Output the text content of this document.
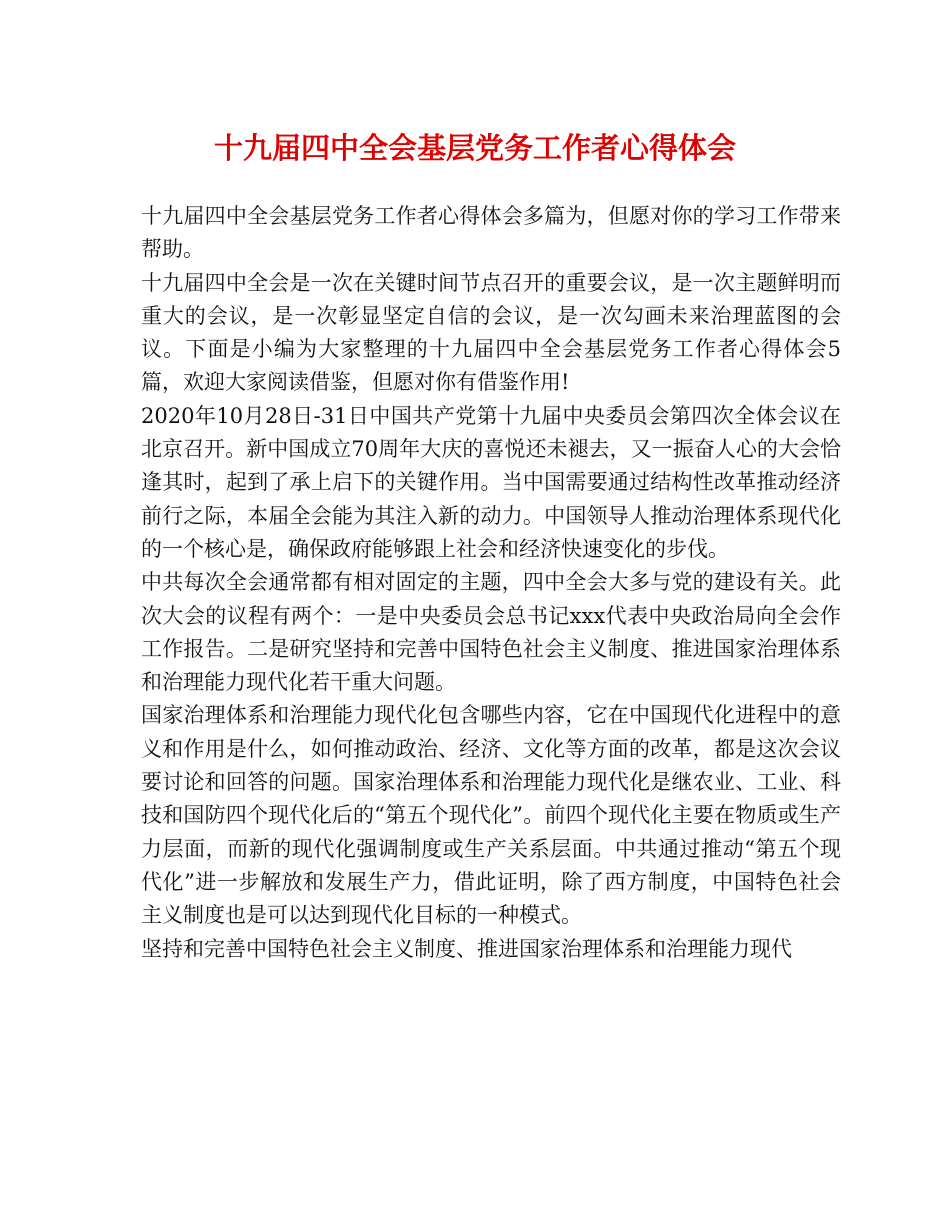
十九届四中全会基层党务工作者心得体会

十九届四中全会基层党务工作者心得体会多篇为，但愿对你的学习工作带来帮助。

十九届四中全会是一次在关键时间节点召开的重要会议，是一次主题鲜明而重大的会议，是一次彰显坚定自信的会议，是一次勾画未来治理蓝图的会议。下面是小编为大家整理的十九届四中全会基层党务工作者心得体会5篇，欢迎大家阅读借鉴，但愿对你有借鉴作用!

2020年10月28日-31日中国共产党第十九届中央委员会第四次全体会议在北京召开。新中国成立70周年大庆的喜悦还未褪去，又一振奋人心的大会恰逢其时，起到了承上启下的关键作用。当中国需要通过结构性改革推动经济前行之际，本届全会能为其注入新的动力。中国领导人推动治理体系现代化的一个核心是，确保政府能够跟上社会和经济快速变化的步伐。

中共每次全会通常都有相对固定的主题，四中全会大多与党的建设有关。此次大会的议程有两个：一是中央委员会总书记xxx代表中央政治局向全会作工作报告。二是研究坚持和完善中国特色社会主义制度、推进国家治理体系和治理能力现代化若干重大问题。

国家治理体系和治理能力现代化包含哪些内容，它在中国现代化进程中的意义和作用是什么，如何推动政治、经济、文化等方面的改革，都是这次会议要讨论和回答的问题。国家治理体系和治理能力现代化是继农业、工业、科技和国防四个现代化后的“第五个现代化”。前四个现代化主要在物质或生产力层面，而新的现代化强调制度或生产关系层面。中共通过推动“第五个现代化”进一步解放和发展生产力，借此证明，除了西方制度，中国特色社会主义制度也是可以达到现代化目标的一种模式。

坚持和完善中国特色社会主义制度、推进国家治理体系和治理能力现代
